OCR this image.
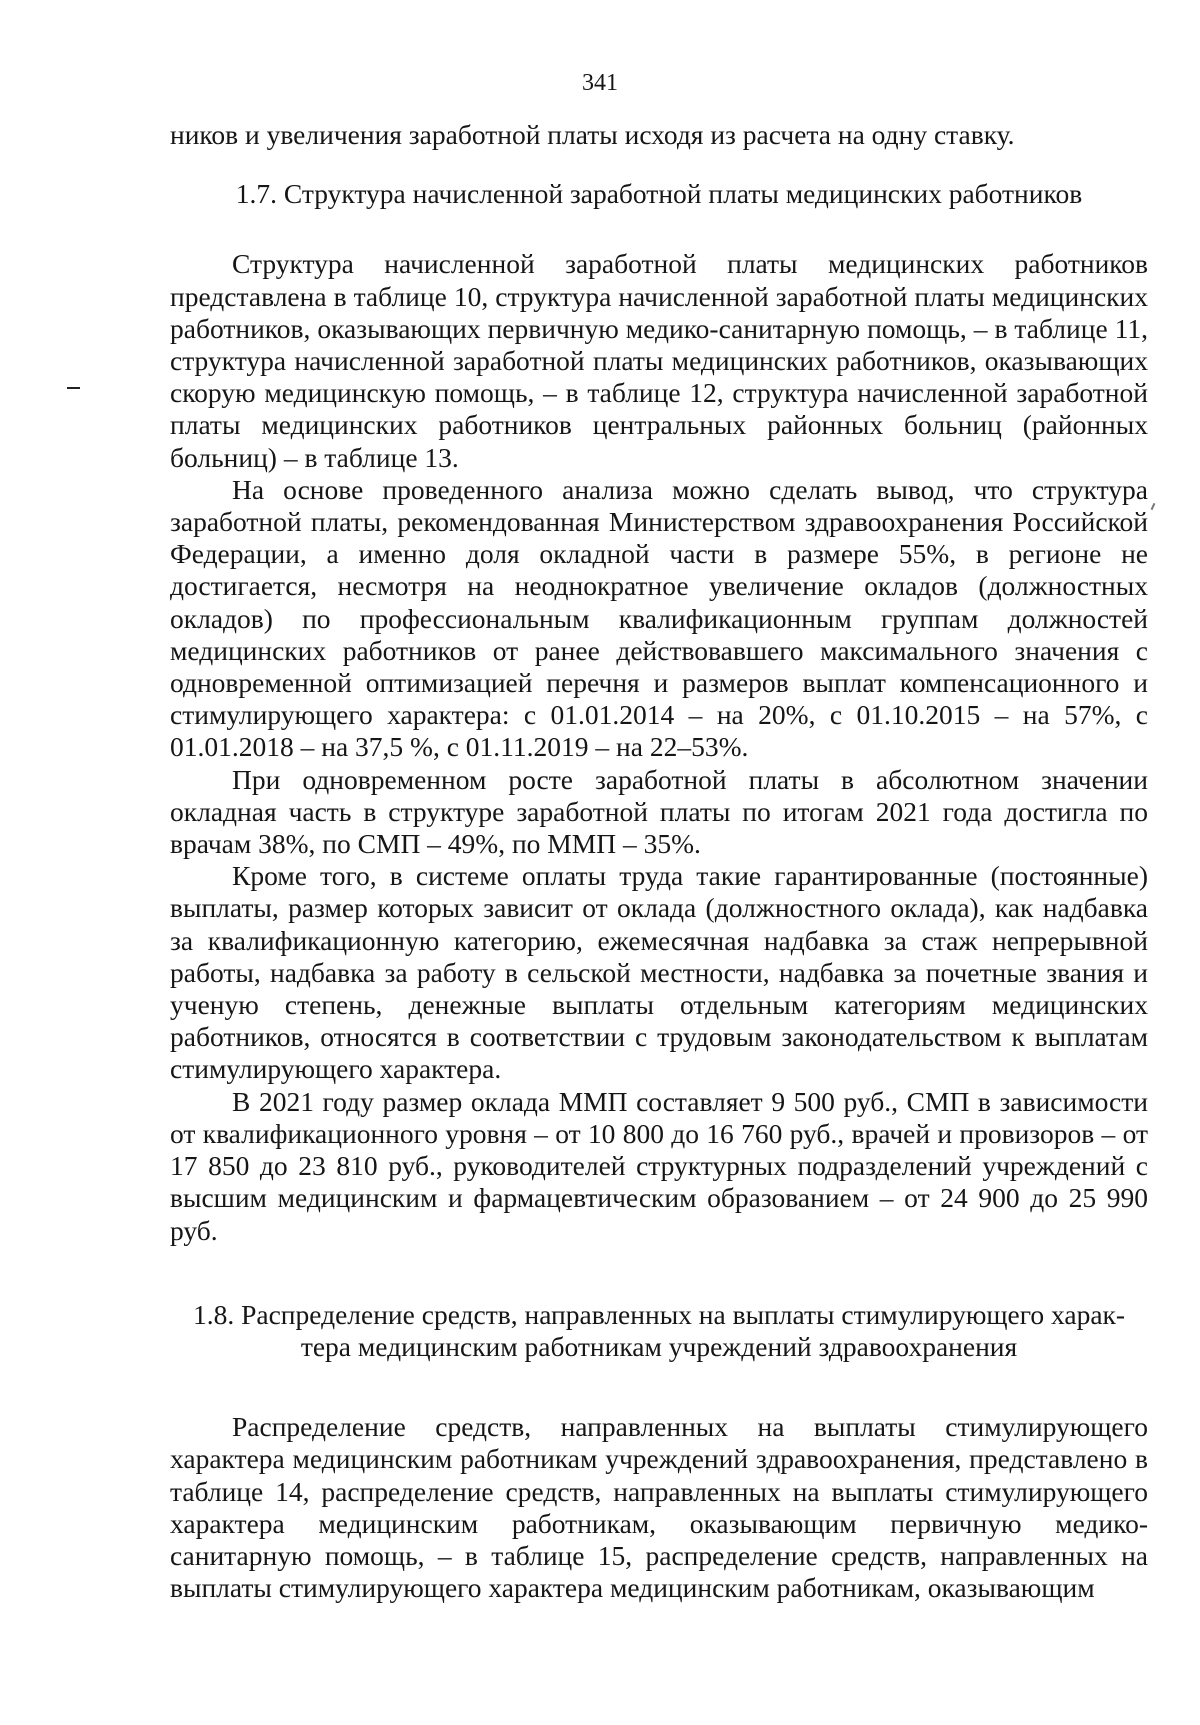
341

ников и увеличения заработной платы исходя из расчета на одну ставку.

1.7. Структура начисленной заработной платы медицинских работников

Структура начисленной заработной платы медицинских работников представлена в таблице 10, структура начисленной заработной платы медицинских работников, оказывающих первичную медико-санитарную помощь, – в таблице 11, структура начисленной заработной платы медицинских работников, оказывающих скорую медицинскую помощь, – в таблице 12, структура начисленной заработной платы медицинских работников центральных районных больниц (районных больниц) – в таблице 13.

На основе проведенного анализа можно сделать вывод, что структура заработной платы, рекомендованная Министерством здравоохранения Российской Федерации, а именно доля окладной части в размере 55%, в регионе не достигается, несмотря на неоднократное увеличение окладов (должностных окладов) по профессиональным квалификационным группам должностей медицинских работников от ранее действовавшего максимального значения с одновременной оптимизацией перечня и размеров выплат компенсационного и стимулирующего характера: с 01.01.2014 – на 20%, с 01.10.2015 – на 57%, с 01.01.2018 – на 37,5 %, с 01.11.2019 – на 22–53%.

При одновременном росте заработной платы в абсолютном значении окладная часть в структуре заработной платы по итогам 2021 года достигла по врачам 38%, по СМП – 49%, по ММП – 35%.

Кроме того, в системе оплаты труда такие гарантированные (постоянные) выплаты, размер которых зависит от оклада (должностного оклада), как надбавка за квалификационную категорию, ежемесячная надбавка за стаж непрерывной работы, надбавка за работу в сельской местности, надбавка за почетные звания и ученую степень, денежные выплаты отдельным категориям медицинских работников, относятся в соответствии с трудовым законодательством к выплатам стимулирующего характера.

В 2021 году размер оклада ММП составляет 9 500 руб., СМП в зависимости от квалификационного уровня – от 10 800 до 16 760 руб., врачей и провизоров – от 17 850 до 23 810 руб., руководителей структурных подразделений учреждений с высшим медицинским и фармацевтическим образованием – от 24 900 до 25 990 руб.

1.8. Распределение средств, направленных на выплаты стимулирующего харак-
тера медицинским работникам учреждений здравоохранения

Распределение средств, направленных на выплаты стимулирующего характера медицинским работникам учреждений здравоохранения, представлено в таблице 14, распределение средств, направленных на выплаты стимулирующего характера медицинским работникам, оказывающим первичную медико-санитарную помощь, – в таблице 15, распределение средств, направленных на выплаты стимулирующего характера медицинским работникам, оказывающим
